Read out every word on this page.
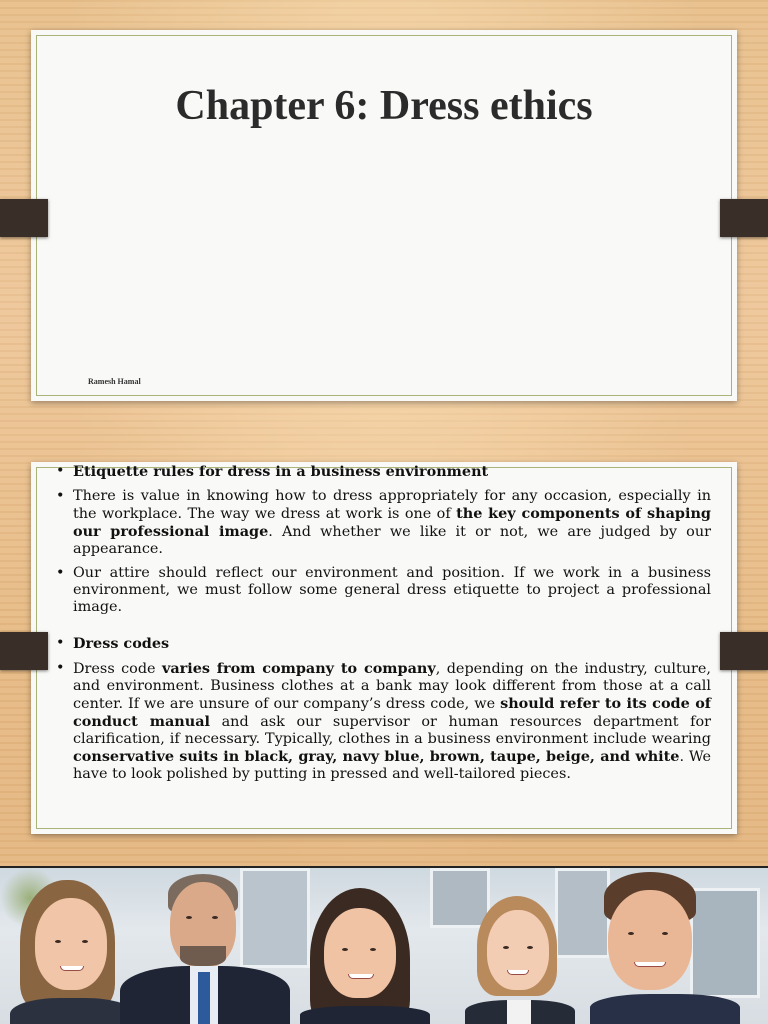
Chapter 6: Dress ethics
Ramesh Hamal
• Etiquette rules for dress in a business environment
• There is value in knowing how to dress appropriately for any occasion, especially in the workplace. The way we dress at work is one of the key components of shaping our professional image. And whether we like it or not, we are judged by our appearance.
• Our attire should reflect our environment and position. If we work in a business environment, we must follow some general dress etiquette to project a professional image.
• Dress codes
• Dress code varies from company to company, depending on the industry, culture, and environment. Business clothes at a bank may look different from those at a call center. If we are unsure of our company’s dress code, we should refer to its code of conduct manual and ask our supervisor or human resources department for clarification, if necessary. Typically, clothes in a business environment include wearing conservative suits in black, gray, navy blue, brown, taupe, beige, and white. We have to look polished by putting in pressed and well-tailored pieces.
